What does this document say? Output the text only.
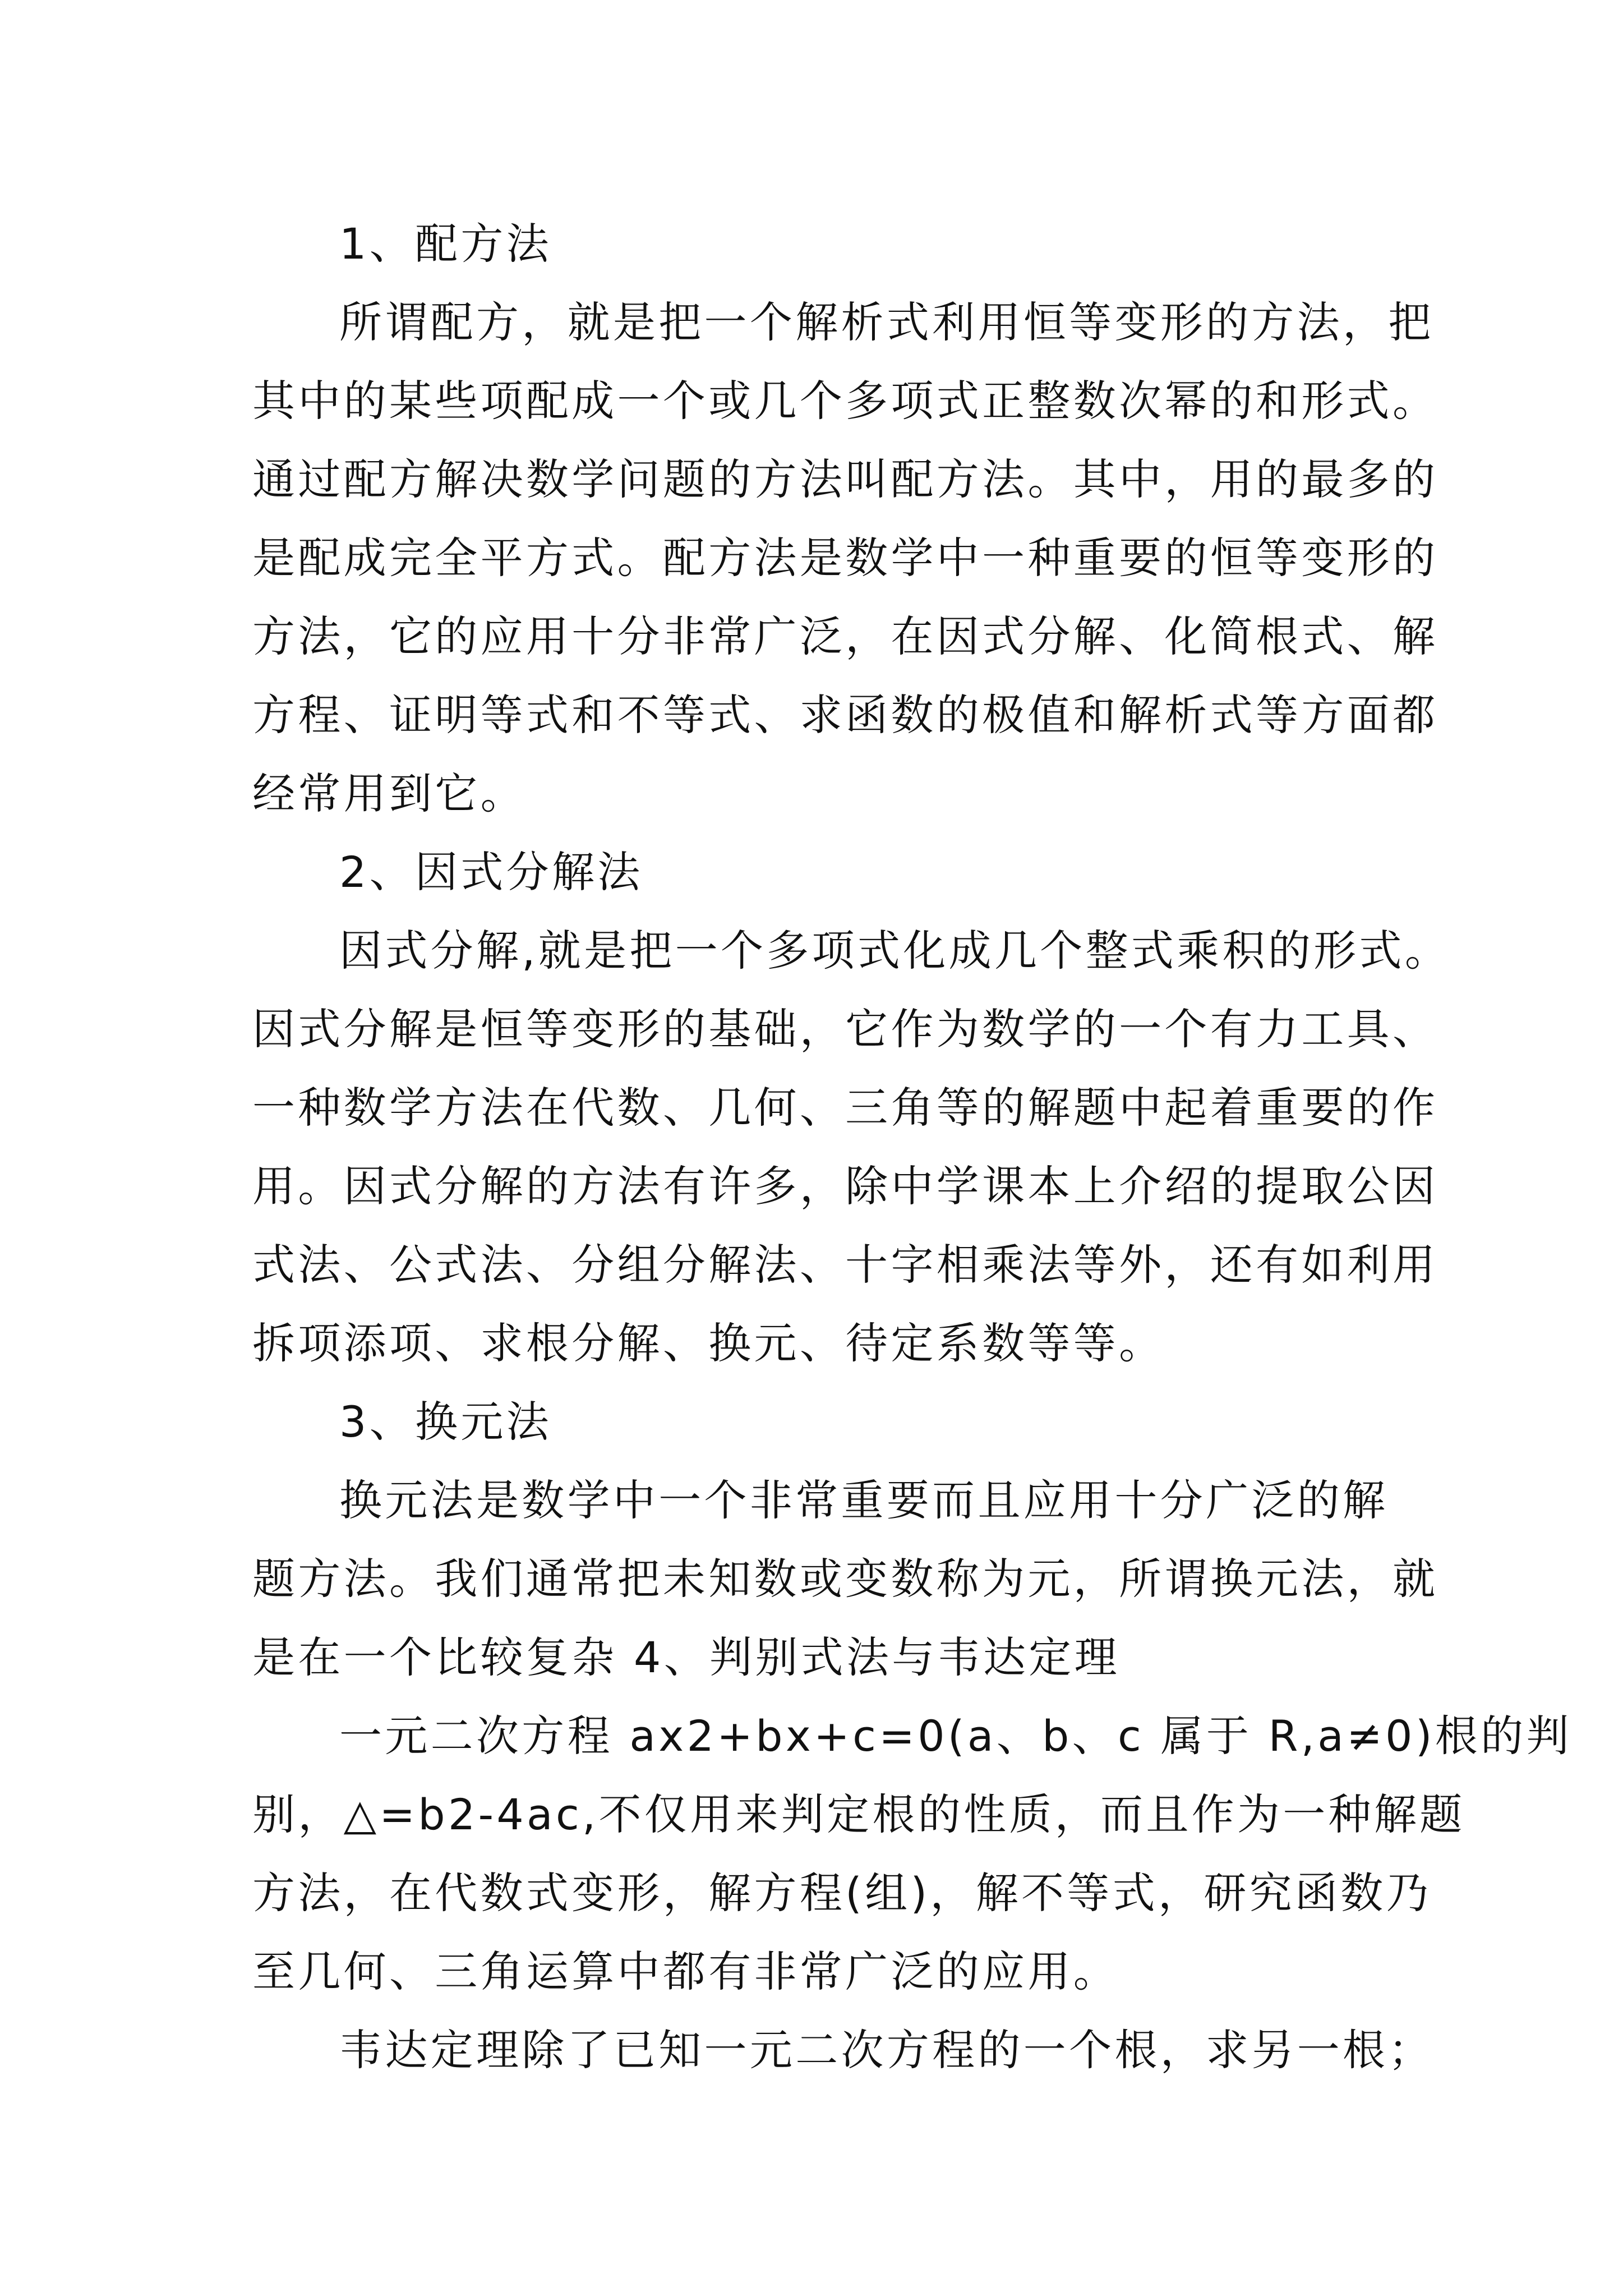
1、配方法
所谓配方，就是把一个解析式利用恒等变形的方法，把
其中的某些项配成一个或几个多项式正整数次幂的和形式。
通过配方解决数学问题的方法叫配方法。其中，用的最多的
是配成完全平方式。配方法是数学中一种重要的恒等变形的
方法，它的应用十分非常广泛，在因式分解、化简根式、解
方程、证明等式和不等式、求函数的极值和解析式等方面都
经常用到它。
2、因式分解法
因式分解,就是把一个多项式化成几个整式乘积的形式。
因式分解是恒等变形的基础，它作为数学的一个有力工具、
一种数学方法在代数、几何、三角等的解题中起着重要的作
用。因式分解的方法有许多，除中学课本上介绍的提取公因
式法、公式法、分组分解法、十字相乘法等外，还有如利用
拆项添项、求根分解、换元、待定系数等等。
3、换元法
换元法是数学中一个非常重要而且应用十分广泛的解
题方法。我们通常把未知数或变数称为元，所谓换元法，就
是在一个比较复杂 4、判别式法与韦达定理
一元二次方程 ax2+bx+c=0(a、b、c 属于 R,a≠0)根的判
别，△=b2-4ac,不仅用来判定根的性质，而且作为一种解题
方法，在代数式变形，解方程(组)，解不等式，研究函数乃
至几何、三角运算中都有非常广泛的应用。
韦达定理除了已知一元二次方程的一个根，求另一根；
